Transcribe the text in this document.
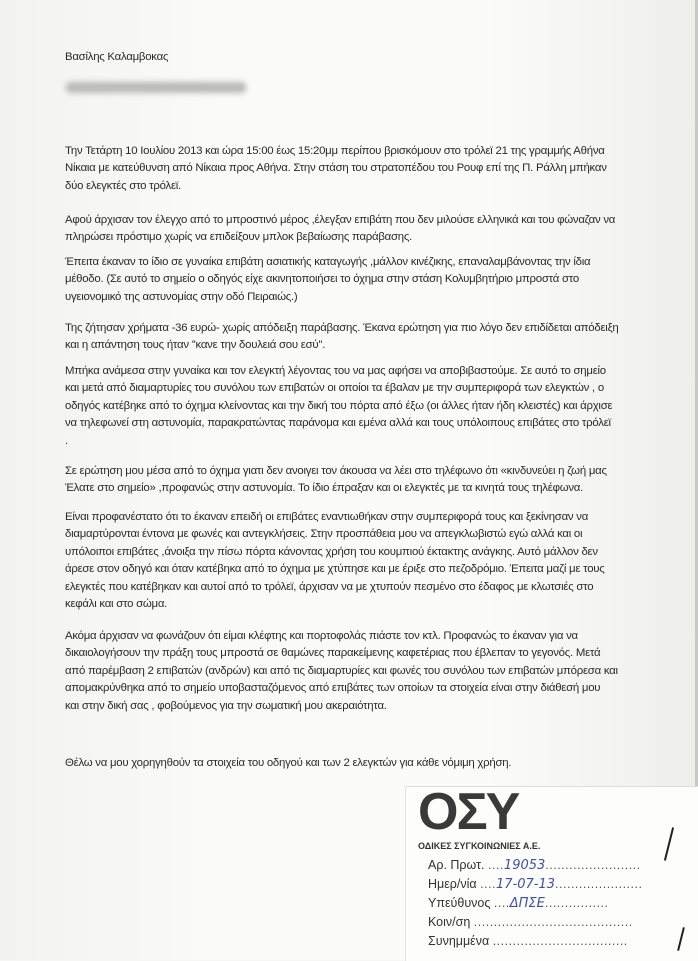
Βασίλης Καλαμβοκας
Την Τετάρτη 10 Ιουλίου 2013 και ώρα 15:00 έως 15:20μμ περίπου βρισκόμουν στο τρόλεϊ 21 της γραμμής Αθήνα
Νίκαια με κατεύθυνση από Νίκαια προς Αθήνα. Στην στάση του στρατοπέδου του Ρουφ επί της Π. Ράλλη μπήκαν
δύο ελεγκτές στο τρόλεϊ.
Αφού άρχισαν τον έλεγχο από το μπροστινό μέρος ,έλεγξαν επιβάτη που δεν μιλούσε ελληνικά και του φώναζαν να
πληρώσει πρόστιμο χωρίς να επιδείξουν μπλοκ βεβαίωσης παράβασης.
Έπειτα έκαναν το ίδιο σε γυναίκα επιβάτη ασιατικής καταγωγής ,μάλλον κινέζικης, επαναλαμβάνοντας την ίδια
μέθοδο. (Σε αυτό το σημείο ο οδηγός είχε ακινητοποιήσει το όχημα στην στάση Κολυμβητήριο μπροστά στο
υγειονομικό της αστυνομίας στην οδό Πειραιώς.)
Της ζήτησαν χρήματα -36 ευρώ- χωρίς απόδειξη παράβασης. Έκανα ερώτηση για πιο λόγο δεν επιδίδεται απόδειξη
και η απάντηση τους ήταν ''κανε την δουλειά σου εσύ''.
Μπήκα ανάμεσα στην γυναίκα και τον ελεγκτή λέγοντας του να μας αφήσει να αποβιβαστούμε. Σε αυτό το σημείο
και μετά από διαμαρτυρίες του συνόλου των επιβατών οι οποίοι τα έβαλαν με την συμπεριφορά των ελεγκτών , ο
οδηγός κατέβηκε από το όχημα κλείνοντας και την δική του πόρτα από έξω (οι άλλες ήταν ήδη κλειστές) και άρχισε
να τηλεφωνεί στη αστυνομία, παρακρατώντας παράνομα και εμένα αλλά και τους υπόλοιπους επιβάτες στο τρόλεϊ
.
Σε ερώτηση μου μέσα από το όχημα γιατι δεν ανοιγει τον άκουσα να λέει στο τηλέφωνο ότι «κινδυνεύει η ζωή μας
Έλατε στο σημείο» ,προφανώς στην αστυνομία. Το ίδιο έπραξαν και οι ελεγκτές με τα κινητά τους τηλέφωνα.
Είναι προφανέστατο ότι το έκαναν επειδή οι επιβάτες εναντιωθήκαν στην συμπεριφορά τους και ξεκίνησαν να
διαμαρτύρονται έντονα με φωνές και αντεγκλήσεις. Στην προσπάθεια μου να απεγκλωβιστώ εγώ αλλά και οι
υπόλοιποι επιβάτες ,άνοιξα την πίσω πόρτα κάνοντας χρήση του κουμπιού έκτακτης ανάγκης. Αυτό μάλλον δεν
άρεσε στον οδηγό και όταν κατέβηκα από το όχημα με χτύπησε και με έριξε στο πεζοδρόμιο. Έπειτα μαζί με τους
ελεγκτές που κατέβηκαν και αυτοί από το τρόλεϊ, άρχισαν να με χτυπούν πεσμένο στο έδαφος με κλωτσιές στο
κεφάλι και στο σώμα.
Ακόμα άρχισαν να φωνάζουν ότι είμαι κλέφτης και πορτοφολάς πιάστε τον κτλ. Προφανώς το έκαναν για να
δικαιολογήσουν την πράξη τους μπροστά σε θαμώνες παρακείμενης καφετέριας που έβλεπαν το γεγονός. Μετά
από παρέμβαση 2 επιβατών (ανδρών) και από τις διαμαρτυρίες και φωνές του συνόλου των επιβατών μπόρεσα και
απομακρύνθηκα από το σημείο υποβασταζόμενος από επιβάτες των οποίων τα στοιχεία είναι στην διάθεσή μου
και στην δική σας , φοβούμενος για την σωματική μου ακεραιότητα.
Θέλω να μου χορηγηθούν τα στοιχεία του οδηγού και των 2 ελεγκτών για κάθε νόμιμη χρήση.
ΟΣΥ
ΟΔΙΚΕΣ ΣΥΓΚΟΙΝΩΝΙΕΣ Α.Ε.
Αρ. Πρωτ. ....19053........................
Ημερ/νία ....17-07-13......................
Υπεύθυνος ....ΔΠΣΕ................
Κοιν/ση ........................................
Συνημμένα ..................................
